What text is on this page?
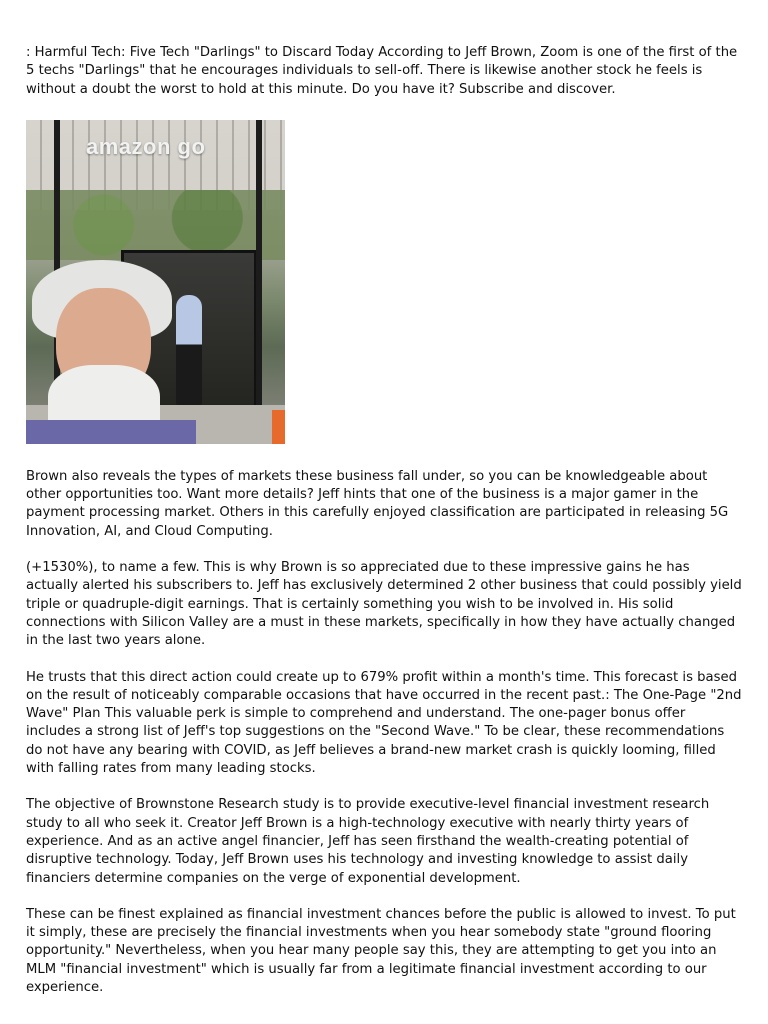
: Harmful Tech: Five Tech "Darlings" to Discard Today According to Jeff Brown, Zoom is one of the first of the 5 techs "Darlings" that he encourages individuals to sell-off. There is likewise another stock he feels is without a doubt the worst to hold at this minute. Do you have it? Subscribe and discover.

amazon go

Brown also reveals the types of markets these business fall under, so you can be knowledgeable about other opportunities too. Want more details? Jeff hints that one of the business is a major gamer in the payment processing market. Others in this carefully enjoyed classification are participated in releasing 5G Innovation, AI, and Cloud Computing.

(+1530%), to name a few. This is why Brown is so appreciated due to these impressive gains he has actually alerted his subscribers to. Jeff has exclusively determined 2 other business that could possibly yield triple or quadruple-digit earnings. That is certainly something you wish to be involved in. His solid connections with Silicon Valley are a must in these markets, specifically in how they have actually changed in the last two years alone.

He trusts that this direct action could create up to 679% profit within a month's time. This forecast is based on the result of noticeably comparable occasions that have occurred in the recent past.: The One-Page "2nd Wave" Plan This valuable perk is simple to comprehend and understand. The one-pager bonus offer includes a strong list of Jeff's top suggestions on the "Second Wave." To be clear, these recommendations do not have any bearing with COVID, as Jeff believes a brand-new market crash is quickly looming, filled with falling rates from many leading stocks.

The objective of Brownstone Research study is to provide executive-level financial investment research study to all who seek it. Creator Jeff Brown is a high-technology executive with nearly thirty years of experience. And as an active angel financier, Jeff has seen firsthand the wealth-creating potential of disruptive technology. Today, Jeff Brown uses his technology and investing knowledge to assist daily financiers determine companies on the verge of exponential development.

These can be finest explained as financial investment chances before the public is allowed to invest. To put it simply, these are precisely the financial investments when you hear somebody state "ground flooring opportunity." Nevertheless, when you hear many people say this, they are attempting to get you into an MLM "financial investment" which is usually far from a legitimate financial investment according to our experience.
